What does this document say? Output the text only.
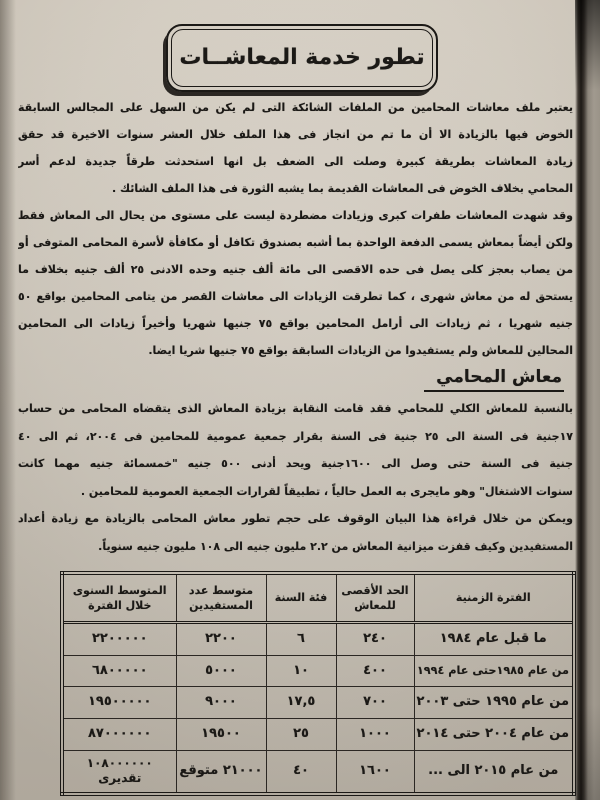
تطور خدمة المعاشــات
يعتبر ملف معاشات المحامين من الملفات الشائكة التى لم يكن من السهل على المجالس السابقة
الخوض فيها بالزيادة الا أن ما تم من انجاز فى هذا الملف خلال العشر سنوات الاخيرة قد حقق
زيادة المعاشات بطريقة كبيرة وصلت الى الضعف بل انها استحدثت طرقاً جديدة لدعم أسر
المحامي بخلاف الخوض فى المعاشات القديمة بما يشبه الثورة فى هذا الملف الشائك .
وقد شهدت المعاشات طفرات كبرى وزيادات مضطردة ليست على مستوى من يحال الى المعاش فقط
ولكن أيضاً بمعاش يسمى الدفعة الواحدة بما أشبه بصندوق تكافل أو مكافأة لأسرة المحامى المتوفى أو
من يصاب بعجز كلى يصل فى حده الاقصى الى مائة ألف جنيه وحده الادنى ٢٥ ألف جنيه بخلاف ما
يستحق له من معاش شهرى ، كما تطرقت الزيادات الى معاشات القصر من يتامى المحامين بواقع ٥٠
جنيه شهريا ، ثم زيادات الى أرامل المحامين بواقع ٧٥ جنيها شهريا وأخيراً زيادات الى المحامين
المحالين للمعاش ولم يستفيدوا من الزيادات السابقة بواقع ٧٥ جنيها شريا ايضا.
معاش المحامي
بالنسبة للمعاش الكلي للمحامي فقد قامت النقابة بزيادة المعاش الذى يتقضاه المحامى من حساب
١٧جنية فى السنة الى ٢٥ جنية فى السنة بقرار جمعية عمومية للمحامين فى ٢٠٠٤، ثم الى ٤٠
جنية فى السنة حتى وصل الى ١٦٠٠جنية ويحد أدنى ٥٠٠ جنيه "خمسمائة جنيه مهما كانت
سنوات الاشتغال" وهو مايجرى به العمل حالياً ، تطبيقاً لقرارات الجمعية العمومية للمحامين .
ويمكن من خلال قراءة هذا البيان الوقوف على حجم تطور معاش المحامى بالزيادة مع زيادة أعداد
المستفيدين وكيف قفزت ميزانية المعاش من ٢.٢ مليون جنيه الى ١٠٨ مليون جنيه سنوياً.
الفترة الزمنية	الحد الأقصى للمعاش	فئة السنة	متوسط عدد المستفيدين	المتوسط السنوى خلال الفترة
ما قبل عام ١٩٨٤	٢٤٠	٦	٢٢٠٠	٢٢٠٠٠٠٠
من عام ١٩٨٥حتى عام ١٩٩٤	٤٠٠	١٠	٥٠٠٠	٦٨٠٠٠٠٠
من عام ١٩٩٥ حتى ٢٠٠٣	٧٠٠	١٧,٥	٩٠٠٠	١٩٥٠٠٠٠٠
من عام ٢٠٠٤ حتى ٢٠١٤	١٠٠٠	٢٥	١٩٥٠٠	٨٧٠٠٠٠٠٠
من عام ٢٠١٥ الى ...	١٦٠٠	٤٠	٢١٠٠٠ متوقع	١٠٨٠٠٠٠٠٠
تقديرى
